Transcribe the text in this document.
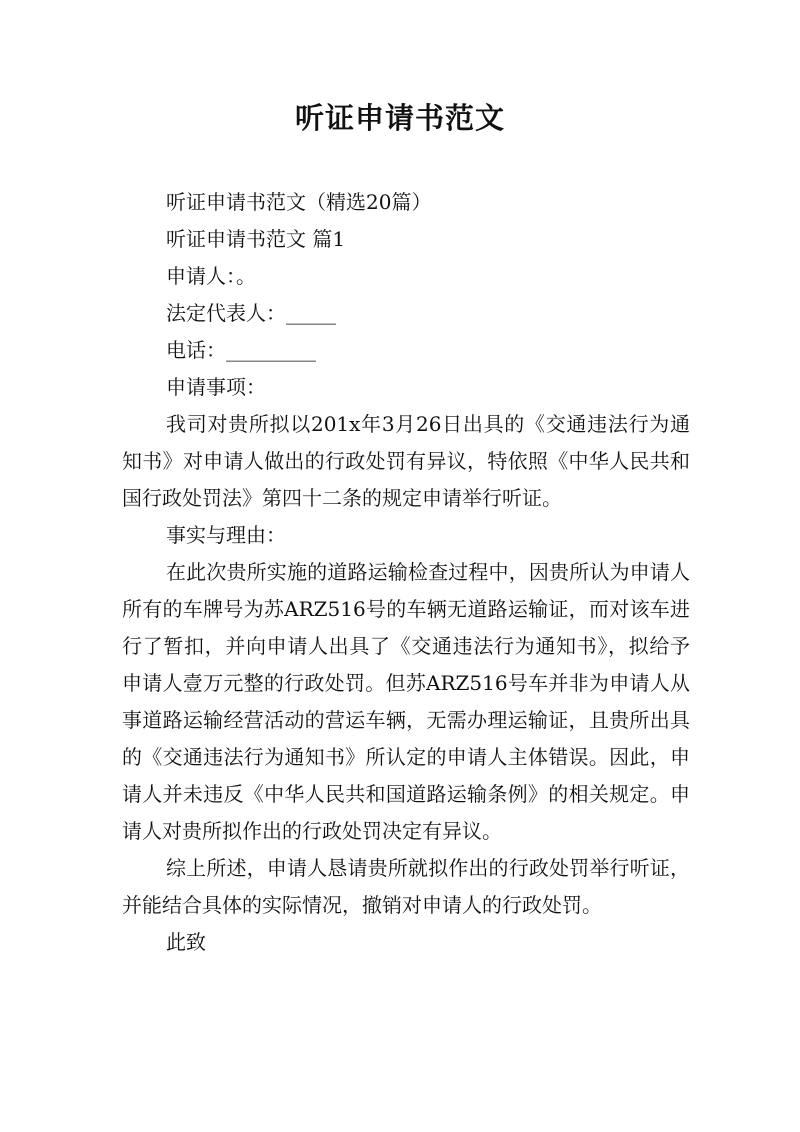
听证申请书范文

听证申请书范文（精选20篇）

听证申请书范文 篇1

申请人：。

法定代表人：_____

电话：_________

申请事项：

我司对贵所拟以201x年3月26日出具的《交通违法行为通知书》对申请人做出的行政处罚有异议，特依照《中华人民共和国行政处罚法》第四十二条的规定申请举行听证。

事实与理由：

在此次贵所实施的道路运输检查过程中，因贵所认为申请人所有的车牌号为苏ARZ516号的车辆无道路运输证，而对该车进行了暂扣，并向申请人出具了《交通违法行为通知书》，拟给予申请人壹万元整的行政处罚。但苏ARZ516号车并非为申请人从事道路运输经营活动的营运车辆，无需办理运输证，且贵所出具的《交通违法行为通知书》所认定的申请人主体错误。因此，申请人并未违反《中华人民共和国道路运输条例》的相关规定。申请人对贵所拟作出的行政处罚决定有异议。

综上所述，申请人恳请贵所就拟作出的行政处罚举行听证，并能结合具体的实际情况，撤销对申请人的行政处罚。

此致
